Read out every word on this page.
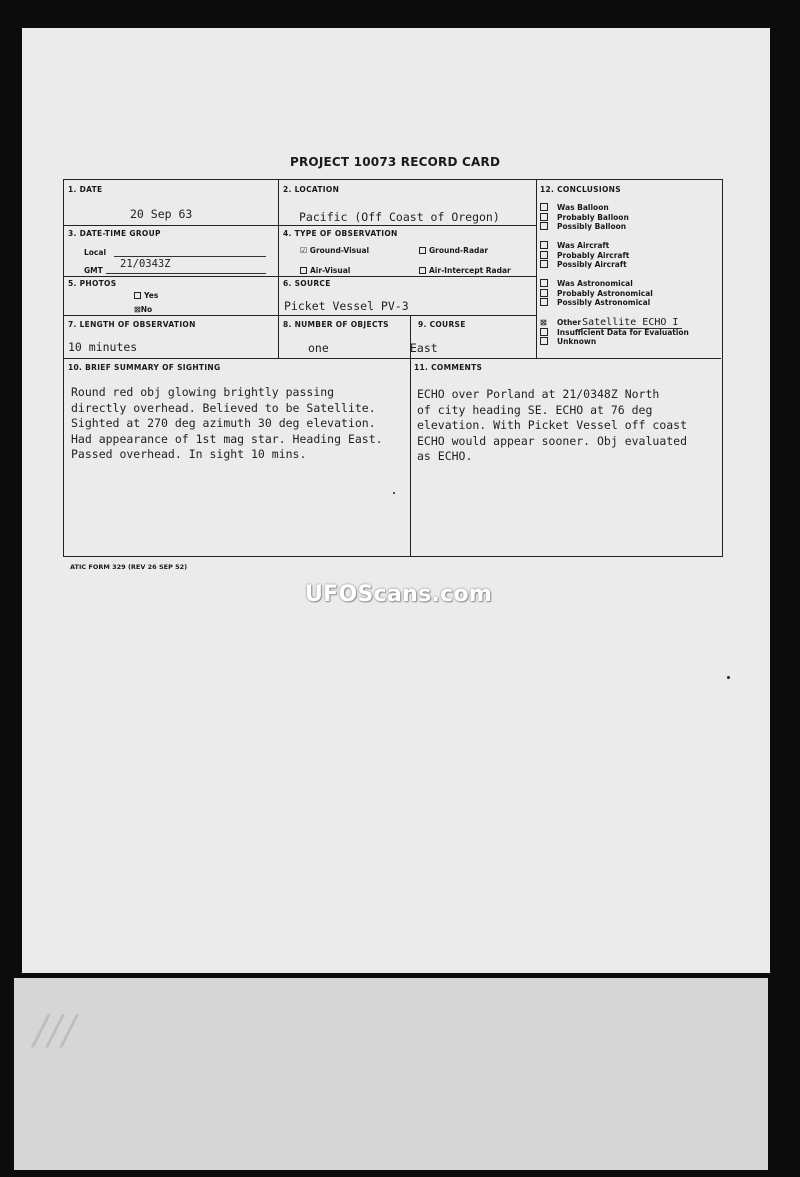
PROJECT 10073 RECORD CARD
/ / /
1. DATE
20 Sep 63
2. LOCATION
Pacific (Off Coast of Oregon)
3. DATE-TIME GROUP
Local
GMT
21/0343Z
4. TYPE OF OBSERVATION
☑ Ground-Visual	Ground-Radar
Air-Visual	Air-Intercept Radar
5. PHOTOS
Yes
⊠No
6. SOURCE
Picket Vessel PV-3
7. LENGTH OF OBSERVATION
10 minutes
8. NUMBER OF OBJECTS
one
9. COURSE
East
10. BRIEF SUMMARY OF SIGHTING
Round red obj glowing brightly passing
directly overhead. Believed to be Satellite.
Sighted at 270 deg azimuth 30 deg elevation.
Had appearance of 1st mag star. Heading East.
Passed overhead. In sight 10 mins.
11. COMMENTS
ECHO over Porland at 21/0348Z North
of city heading SE. ECHO at 76 deg
elevation. With Picket Vessel off coast
ECHO would appear sooner. Obj evaluated
as ECHO.
12. CONCLUSIONS
Was Balloon
Probably Balloon
Possibly Balloon
Was Aircraft
Probably Aircraft
Possibly Aircraft
Was Astronomical
Probably Astronomical
Possibly Astronomical
⊠ OtherSatellite ECHO I
Insufficient Data for Evaluation
Unknown
ATIC FORM 329 (REV 26 SEP 52)
UFOScans.com
